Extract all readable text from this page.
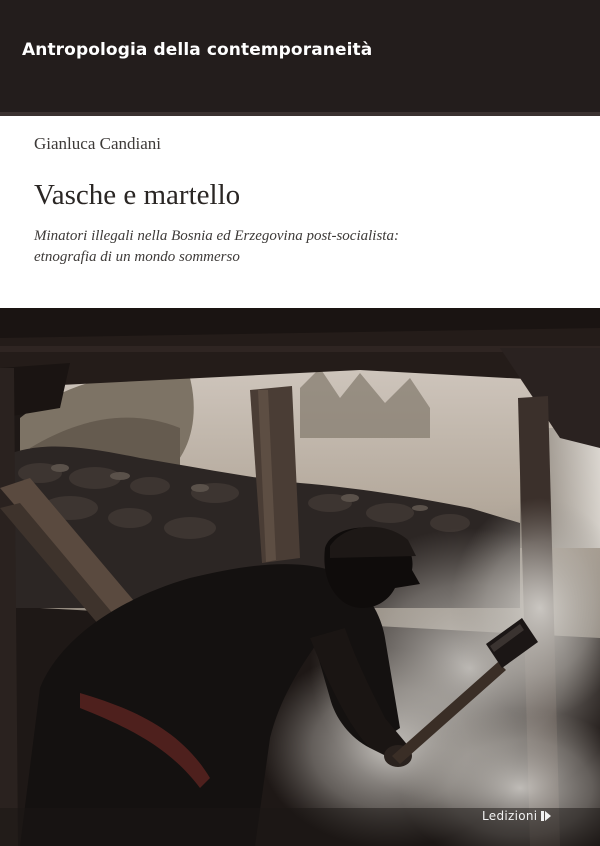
Antropologia della contemporaneità
Gianluca Candiani
Vasche e martello
Minatori illegali nella Bosnia ed Erzegovina post-socialista:
etnografia di un mondo sommerso
Ledizioni
